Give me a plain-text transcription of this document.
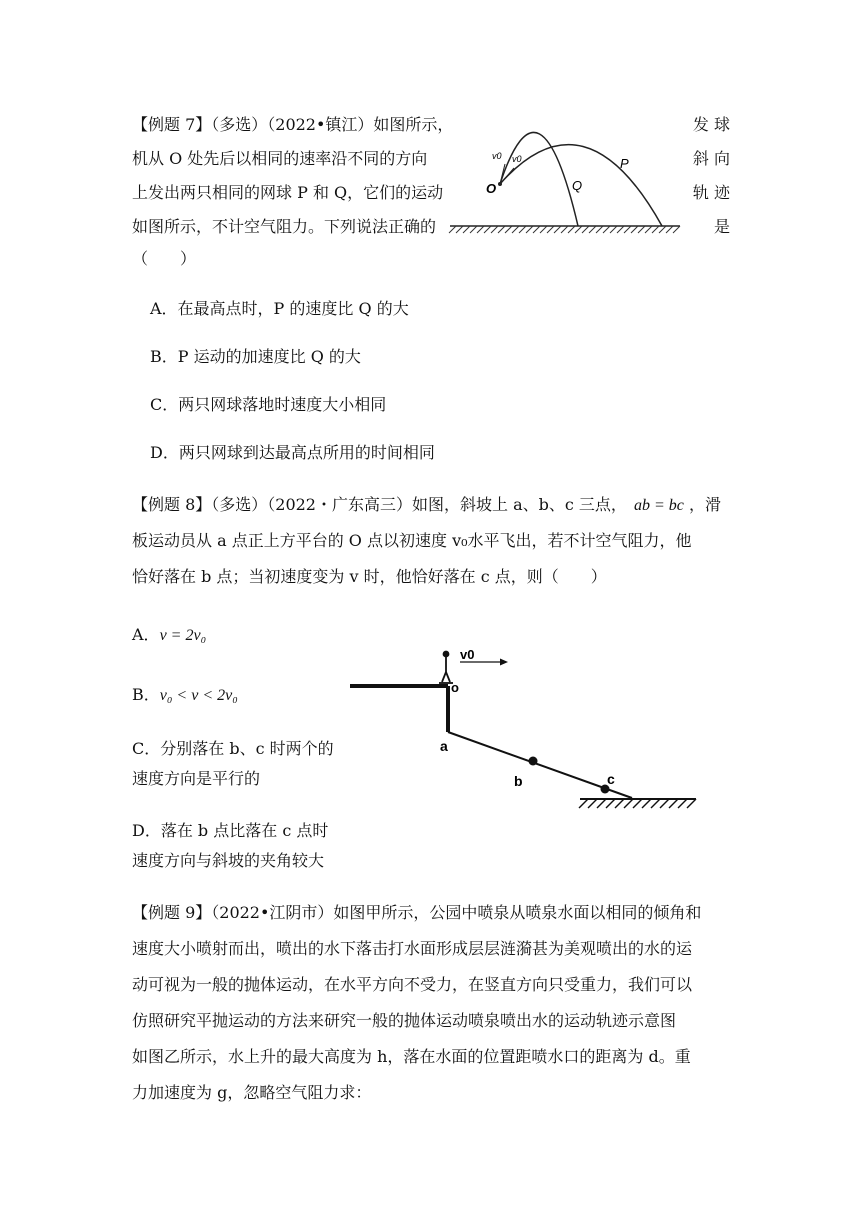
【例题 7】（多选）（2022•镇江）如图所示，	发 球
机从 O 处先后以相同的速率沿不同的方向	斜 向
上发出两只相同的网球 P 和 Q，它们的运动	轨 迹
如图所示，不计空气阻力。下列说法正确的	是
（　　）
A．在最高点时，P 的速度比 Q 的大
B．P 运动的加速度比 Q 的大
C．两只网球落地时速度大小相同
D．两只网球到达最高点所用的时间相同
O
v0 v0
Q
P
【例题 8】（多选）（2022・广东高三）如图，斜坡上 a、b、c 三点， ab = bc ，滑
板运动员从 a 点正上方平台的 O 点以初速度 v₀水平飞出，若不计空气阻力，他
恰好落在 b 点；当初速度变为 v 时，他恰好落在 c 点，则（　　）
A．v = 2v₀
B．v₀ < v < 2v₀
C．分别落在 b、c 时两个的
速度方向是平行的
D．落在 b 点比落在 c 点时
速度方向与斜坡的夹角较大
v0
o
a
b	c
【例题 9】（2022•江阴市）如图甲所示，公园中喷泉从喷泉水面以相同的倾角和
速度大小喷射而出，喷出的水下落击打水面形成层层涟漪甚为美观喷出的水的运
动可视为一般的抛体运动，在水平方向不受力，在竖直方向只受重力，我们可以
仿照研究平抛运动的方法来研究一般的抛体运动喷泉喷出水的运动轨迹示意图
如图乙所示，水上升的最大高度为 h，落在水面的位置距喷水口的距离为 d。重
力加速度为 g，忽略空气阻力求：
